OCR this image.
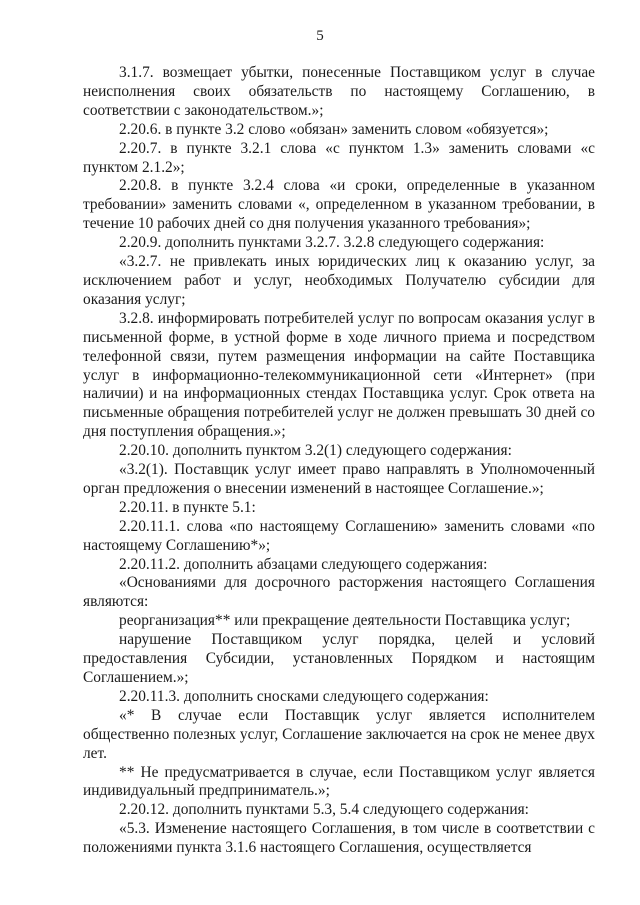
5

3.1.7. возмещает убытки, понесенные Поставщиком услуг в случае неисполнения своих обязательств по настоящему Соглашению, в соответствии с законодательством.»;

2.20.6. в пункте 3.2 слово «обязан» заменить словом «обязуется»;

2.20.7. в пункте 3.2.1 слова «с пунктом 1.3» заменить словами «с пунктом 2.1.2»;

2.20.8. в пункте 3.2.4 слова «и сроки, определенные в указанном требовании» заменить словами «, определенном в указанном требовании, в течение 10 рабочих дней со дня получения указанного требования»;

2.20.9. дополнить пунктами 3.2.7. 3.2.8 следующего содержания:

«3.2.7. не привлекать иных юридических лиц к оказанию услуг, за исключением работ и услуг, необходимых Получателю субсидии для оказания услуг;

3.2.8. информировать потребителей услуг по вопросам оказания услуг в письменной форме, в устной форме в ходе личного приема и посредством телефонной связи, путем размещения информации на сайте Поставщика услуг в информационно-телекоммуникационной сети «Интернет» (при наличии) и на информационных стендах Поставщика услуг. Срок ответа на письменные обращения потребителей услуг не должен превышать 30 дней со дня поступления обращения.»;

2.20.10. дополнить пунктом 3.2(1) следующего содержания:

«3.2(1). Поставщик услуг имеет право направлять в Уполномоченный орган предложения о внесении изменений в настоящее Соглашение.»;

2.20.11. в пункте 5.1:

2.20.11.1. слова «по настоящему Соглашению» заменить словами «по настоящему Соглашению*»;

2.20.11.2. дополнить абзацами следующего содержания:

«Основаниями для досрочного расторжения настоящего Соглашения являются:

реорганизация** или прекращение деятельности Поставщика услуг;

нарушение Поставщиком услуг порядка, целей и условий предоставления Субсидии, установленных Порядком и настоящим Соглашением.»;

2.20.11.3. дополнить сносками следующего содержания:

«* В случае если Поставщик услуг является исполнителем общественно полезных услуг, Соглашение заключается на срок не менее двух лет.

** Не предусматривается в случае, если Поставщиком услуг является индивидуальный предприниматель.»;

2.20.12. дополнить пунктами 5.3, 5.4 следующего содержания:

«5.3. Изменение настоящего Соглашения, в том числе в соответствии с положениями пункта 3.1.6 настоящего Соглашения, осуществляется
